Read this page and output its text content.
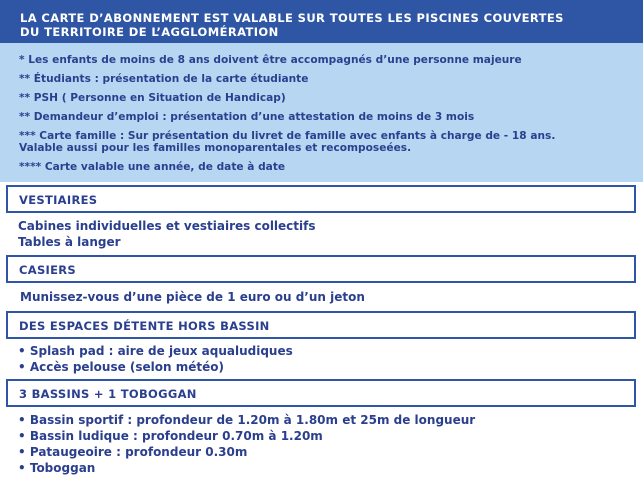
LA CARTE D’ABONNEMENT EST VALABLE SUR TOUTES LES PISCINES COUVERTES
DU TERRITOIRE DE L’AGGLOMÉRATION
* Les enfants de moins de 8 ans doivent être accompagnés d’une personne majeure
** Étudiants : présentation de la carte étudiante
** PSH ( Personne en Situation de Handicap)
** Demandeur d’emploi : présentation d’une attestation de moins de 3 mois
*** Carte famille : Sur présentation du livret de famille avec enfants à charge de - 18 ans.
Valable aussi pour les familles monoparentales et recomposeées.
**** Carte valable une année, de date à date
VESTIAIRES
Cabines individuelles et vestiaires collectifs
Tables à langer
CASIERS
Munissez-vous d’une pièce de 1 euro ou d’un jeton
DES ESPACES DÉTENTE HORS BASSIN
• Splash pad : aire de jeux aqualudiques
• Accès pelouse (selon météo)
3 BASSINS + 1 TOBOGGAN
• Bassin sportif : profondeur de 1.20m à 1.80m et 25m de longueur
• Bassin ludique : profondeur 0.70m à 1.20m
• Pataugeoire : profondeur 0.30m
• Toboggan
